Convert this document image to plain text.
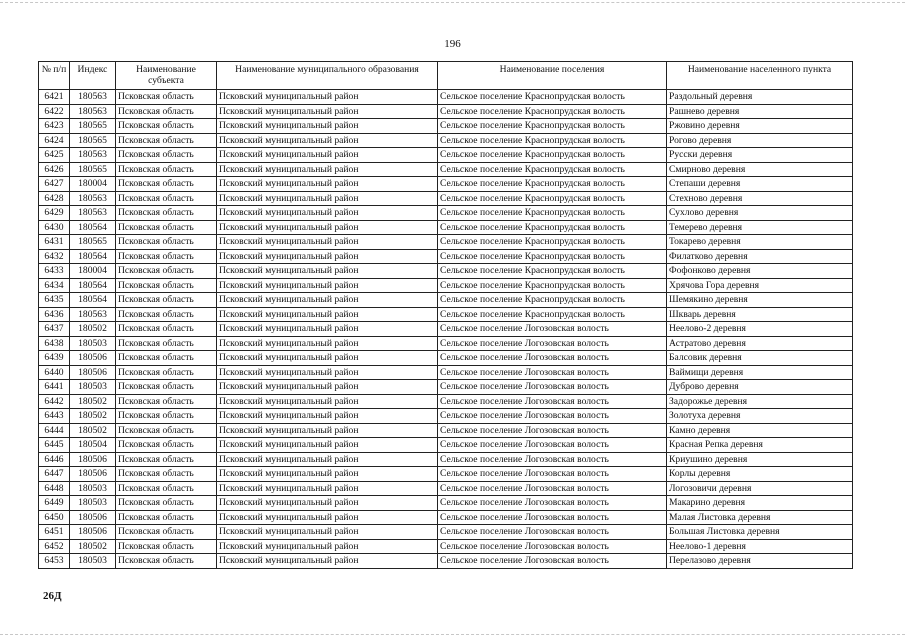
196
№ п/п	Индекс	Наименование субъекта	Наименование муниципального образования	Наименование поселения	Наименование населенного пункта
6421	180563	Псковская область	Псковский муниципальный район	Сельское поселение Краснопрудская волость	Раздольный деревня
6422	180563	Псковская область	Псковский муниципальный район	Сельское поселение Краснопрудская волость	Рашнево деревня
6423	180565	Псковская область	Псковский муниципальный район	Сельское поселение Краснопрудская волость	Ржовино деревня
6424	180565	Псковская область	Псковский муниципальный район	Сельское поселение Краснопрудская волость	Рогово деревня
6425	180563	Псковская область	Псковский муниципальный район	Сельское поселение Краснопрудская волость	Русски деревня
6426	180565	Псковская область	Псковский муниципальный район	Сельское поселение Краснопрудская волость	Смирново деревня
6427	180004	Псковская область	Псковский муниципальный район	Сельское поселение Краснопрудская волость	Степаши деревня
6428	180563	Псковская область	Псковский муниципальный район	Сельское поселение Краснопрудская волость	Стехново деревня
6429	180563	Псковская область	Псковский муниципальный район	Сельское поселение Краснопрудская волость	Сухлово деревня
6430	180564	Псковская область	Псковский муниципальный район	Сельское поселение Краснопрудская волость	Темерево деревня
6431	180565	Псковская область	Псковский муниципальный район	Сельское поселение Краснопрудская волость	Токарево деревня
6432	180564	Псковская область	Псковский муниципальный район	Сельское поселение Краснопрудская волость	Филатково деревня
6433	180004	Псковская область	Псковский муниципальный район	Сельское поселение Краснопрудская волость	Фофонково деревня
6434	180564	Псковская область	Псковский муниципальный район	Сельское поселение Краснопрудская волость	Хрячова Гора деревня
6435	180564	Псковская область	Псковский муниципальный район	Сельское поселение Краснопрудская волость	Шемякино деревня
6436	180563	Псковская область	Псковский муниципальный район	Сельское поселение Краснопрудская волость	Шкварь деревня
6437	180502	Псковская область	Псковский муниципальный район	Сельское поселение Логозовская волость	Неелово-2 деревня
6438	180503	Псковская область	Псковский муниципальный район	Сельское поселение Логозовская волость	Астратово деревня
6439	180506	Псковская область	Псковский муниципальный район	Сельское поселение Логозовская волость	Балсовик деревня
6440	180506	Псковская область	Псковский муниципальный район	Сельское поселение Логозовская волость	Ваймищи деревня
6441	180503	Псковская область	Псковский муниципальный район	Сельское поселение Логозовская волость	Дуброво деревня
6442	180502	Псковская область	Псковский муниципальный район	Сельское поселение Логозовская волость	Задорожье деревня
6443	180502	Псковская область	Псковский муниципальный район	Сельское поселение Логозовская волость	Золотуха деревня
6444	180502	Псковская область	Псковский муниципальный район	Сельское поселение Логозовская волость	Камно деревня
6445	180504	Псковская область	Псковский муниципальный район	Сельское поселение Логозовская волость	Красная Репка деревня
6446	180506	Псковская область	Псковский муниципальный район	Сельское поселение Логозовская волость	Криушино деревня
6447	180506	Псковская область	Псковский муниципальный район	Сельское поселение Логозовская волость	Корлы деревня
6448	180503	Псковская область	Псковский муниципальный район	Сельское поселение Логозовская волость	Логозовичи деревня
6449	180503	Псковская область	Псковский муниципальный район	Сельское поселение Логозовская волость	Макарино деревня
6450	180506	Псковская область	Псковский муниципальный район	Сельское поселение Логозовская волость	Малая Листовка деревня
6451	180506	Псковская область	Псковский муниципальный район	Сельское поселение Логозовская волость	Большая Листовка деревня
6452	180502	Псковская область	Псковский муниципальный район	Сельское поселение Логозовская волость	Неелово-1 деревня
6453	180503	Псковская область	Псковский муниципальный район	Сельское поселение Логозовская волость	Перелазово деревня
26Д
